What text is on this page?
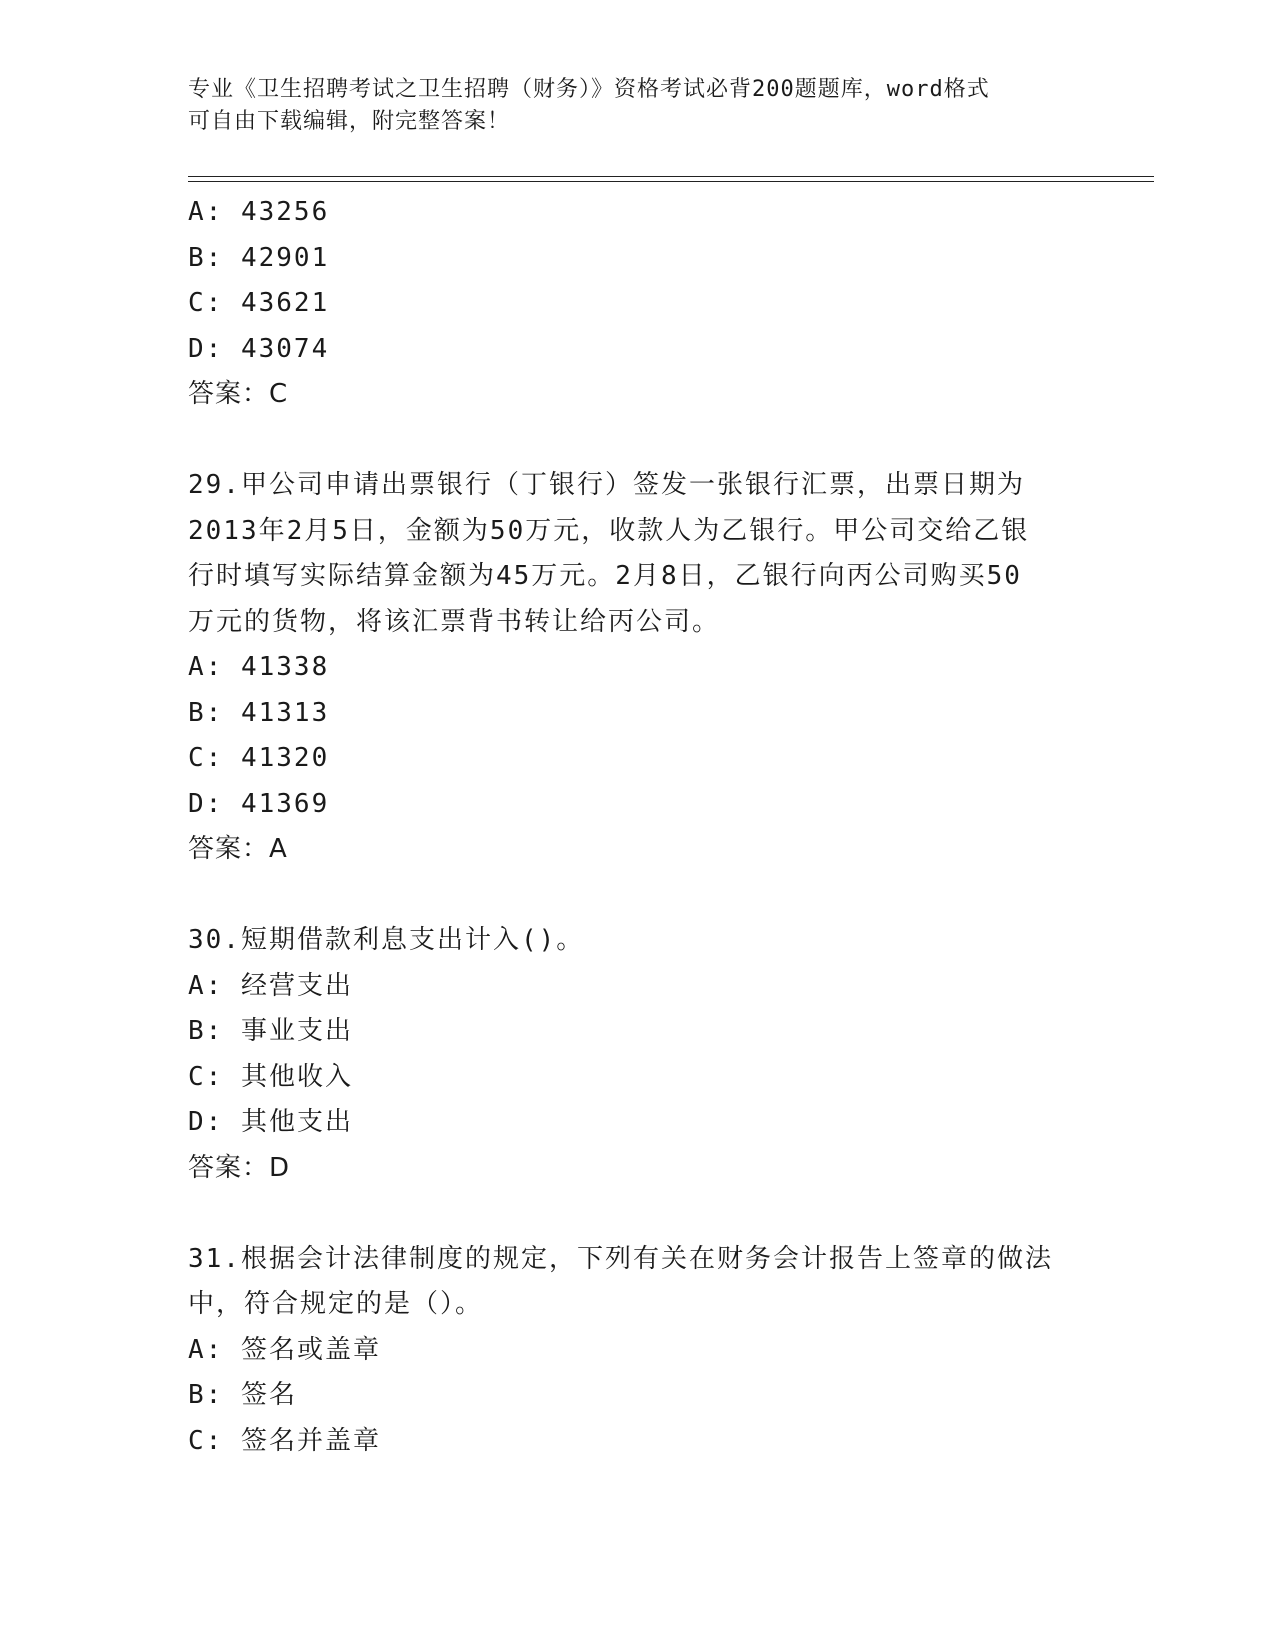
专业《卫生招聘考试之卫生招聘（财务）》资格考试必背200题题库，word格式
可自由下载编辑，附完整答案！
A: 43256
B: 42901
C: 43621
D: 43074
答案：C
29.甲公司申请出票银行（丁银行）签发一张银行汇票，出票日期为
2013年2月5日，金额为50万元，收款人为乙银行。甲公司交给乙银
行时填写实际结算金额为45万元。2月8日，乙银行向丙公司购买50
万元的货物，将该汇票背书转让给丙公司。
A: 41338
B: 41313
C: 41320
D: 41369
答案：A
30.短期借款利息支出计入()。
A: 经营支出
B: 事业支出
C: 其他收入
D: 其他支出
答案：D
31.根据会计法律制度的规定，下列有关在财务会计报告上签章的做法
中，符合规定的是（）。
A: 签名或盖章
B: 签名
C: 签名并盖章
